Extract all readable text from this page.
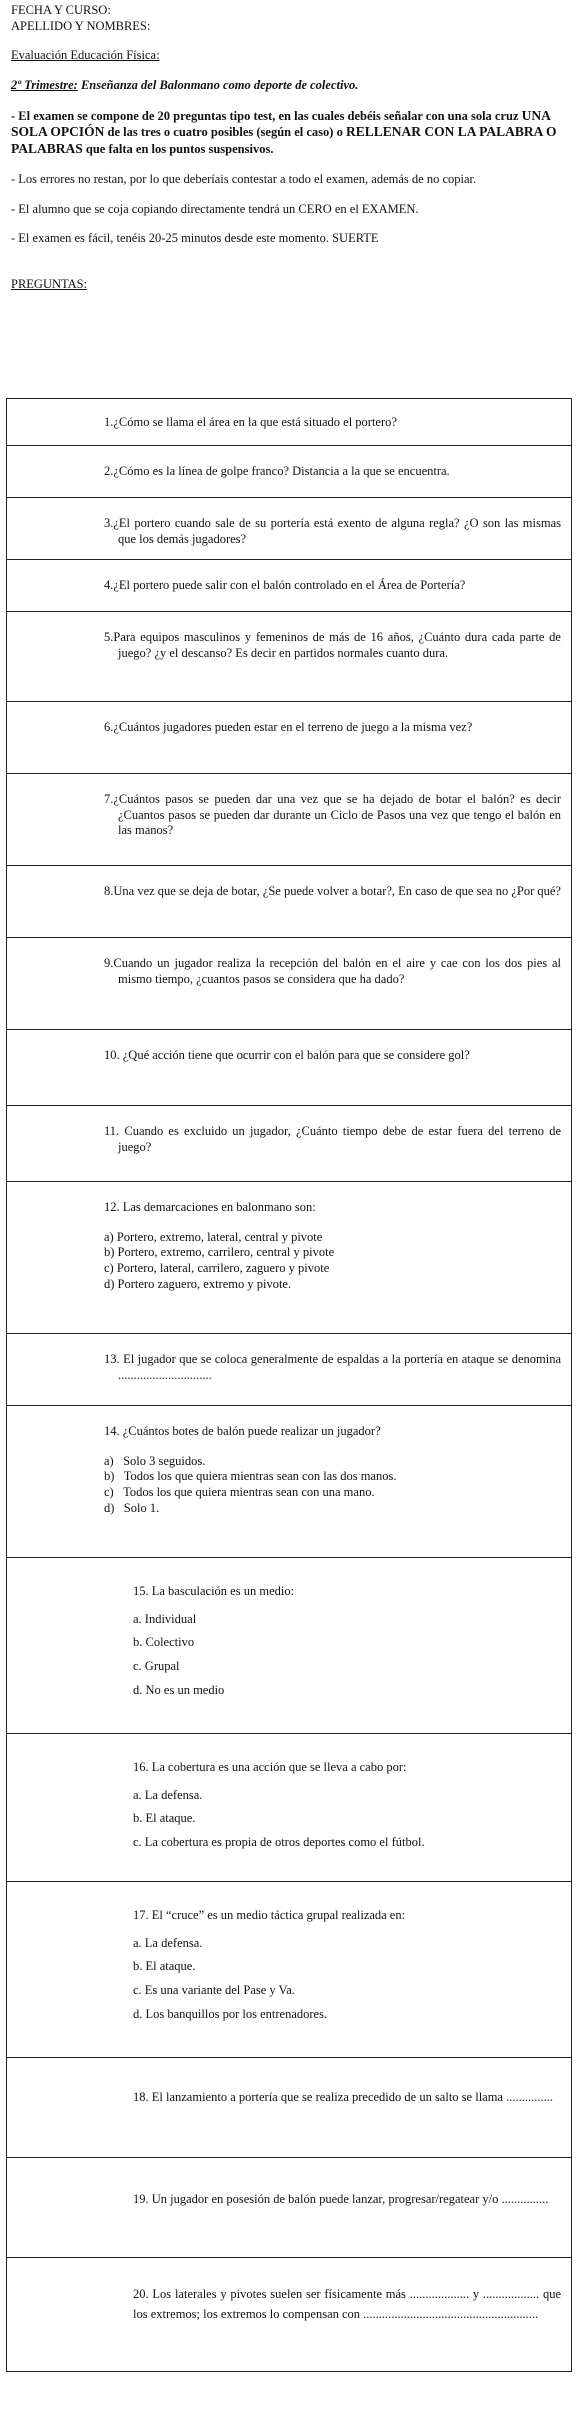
FECHA Y CURSO:

APELLIDO Y NOMBRES:

Evaluación Educación Física:

2º Trimestre: Enseñanza del Balonmano como deporte de colectivo.

- El examen se compone de 20 preguntas tipo test, en las cuales debéis señalar con una sola cruz UNA SOLA OPCIÓN de las tres o cuatro posibles (según el caso) o RELLENAR CON LA PALABRA O PALABRAS que falta en los puntos suspensivos.

- Los errores no restan, por lo que deberíais contestar a todo el examen, además de no copiar.

- El alumno que se coja copiando directamente tendrá un CERO en el EXAMEN.

- El examen es fácil, tenéis 20-25 minutos desde este momento. SUERTE

PREGUNTAS:

1.¿Cómo se llama el área en la que está situado el portero?
2.¿Cómo es la línea de golpe franco? Distancia a la que se encuentra.
3.¿El portero cuando sale de su portería está exento de alguna regla? ¿O son las mismas que los demás jugadores?
4.¿El portero puede salir con el balón controlado en el Área de Portería?
5.Para equipos masculinos y femeninos de más de 16 años, ¿Cuánto dura cada parte de juego? ¿y el descanso? Es decir en partidos normales cuanto dura.
6.¿Cuántos jugadores pueden estar en el terreno de juego a la misma vez?
7.¿Cuántos pasos se pueden dar una vez que se ha dejado de botar el balón? es decir ¿Cuantos pasos se pueden dar durante un Ciclo de Pasos una vez que tengo el balón en las manos?
8.Una vez que se deja de botar, ¿Se puede volver a botar?, En caso de que sea no ¿Por qué?
9.Cuando un jugador realiza la recepción del balón en el aire y cae con los dos pies al mismo tiempo, ¿cuantos pasos se considera que ha dado?
10. ¿Qué acción tiene que ocurrir con el balón para que se considere gol?
11. Cuando es excluido un jugador, ¿Cuánto tiempo debe de estar fuera del terreno de juego?
12. Las demarcaciones en balonmano son:
a) Portero, extremo, lateral, central y pivote
b) Portero, extremo, carrilero, central y pivote
c) Portero, lateral, carrilero, zaguero y pivote
d) Portero zaguero, extremo y pivote.
13. El jugador que se coloca generalmente de espaldas a la portería en ataque se denomina ..............................
14. ¿Cuántos botes de balón puede realizar un jugador?
a)   Solo 3 seguidos.
b)   Todos los que quiera mientras sean con las dos manos.
c)   Todos los que quiera mientras sean con una mano.
d)   Solo 1.
15. La basculación es un medio:
a. Individual
b. Colectivo
c. Grupal
d. No es un medio
16. La cobertura es una acción que se lleva a cabo por:
a. La defensa.
b. El ataque.
c. La cobertura es propia de otros deportes como el fútbol.
17. El “cruce” es un medio táctica grupal realizada en:
a. La defensa.
b. El ataque.
c. Es una variante del Pase y Va.
d. Los banquillos por los entrenadores.
18. El lanzamiento a portería que se realiza precedido de un salto se llama ...............
19. Un jugador en posesión de balón puede lanzar, progresar/regatear y/o ...............
20. Los laterales y pivotes suelen ser físicamente más ................... y .................. que los extremos; los extremos lo compensan con ........................................................
